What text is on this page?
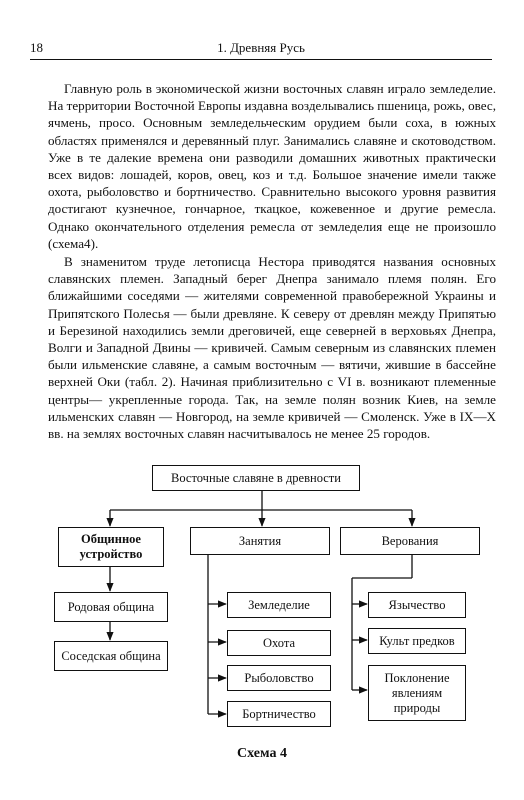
18	1. Древняя Русь

Главную роль в экономической жизни восточных славян играло земледелие. На территории Восточной Европы издавна возделывались пшеница, рожь, овес, ячмень, просо. Основным земледельческим орудием были соха, в южных областях применялся и деревянный плуг. Занимались славяне и скотоводством. Уже в те далекие времена они разводили домашних животных практически всех видов: лошадей, коров, овец, коз и т.д. Большое значение имели также охота, рыболовство и бортничество. Сравнительно высокого уровня развития достигают кузнечное, гончарное, ткацкое, кожевенное и другие ремесла. Однако окончательного отделения ремесла от земледелия еще не произошло (схема4).

В знаменитом труде летописца Нестора приводятся названия основных славянских племен. Западный берег Днепра занимало племя полян. Его ближайшими соседями — жителями современной правобережной Украины и Припятского Полесья — были древляне. К северу от древлян между Припятью и Березиной находились земли дреговичей, еще северней в верховьях Днепра, Волги и Западной Двины — кривичей. Самым северным из славянских племен были ильменские славяне, а самым восточным — вятичи, жившие в бассейне верхней Оки (табл. 2). Начиная приблизительно с VI в. возникают племенные центры— укрепленные города. Так, на земле полян возник Киев, на земле ильменских славян — Новгород, на земле кривичей — Смоленск. Уже в IX—X вв. на землях восточных славян насчитывалось не менее 25 городов.

Восточные славяне в древности
Общинное устройство
Занятия	Верования
Родовая община
Соседская община
Земледелие
Охота
Рыболовство
Бортничество
Язычество
Культ предков
Поклонение явлениям природы
Схема 4
